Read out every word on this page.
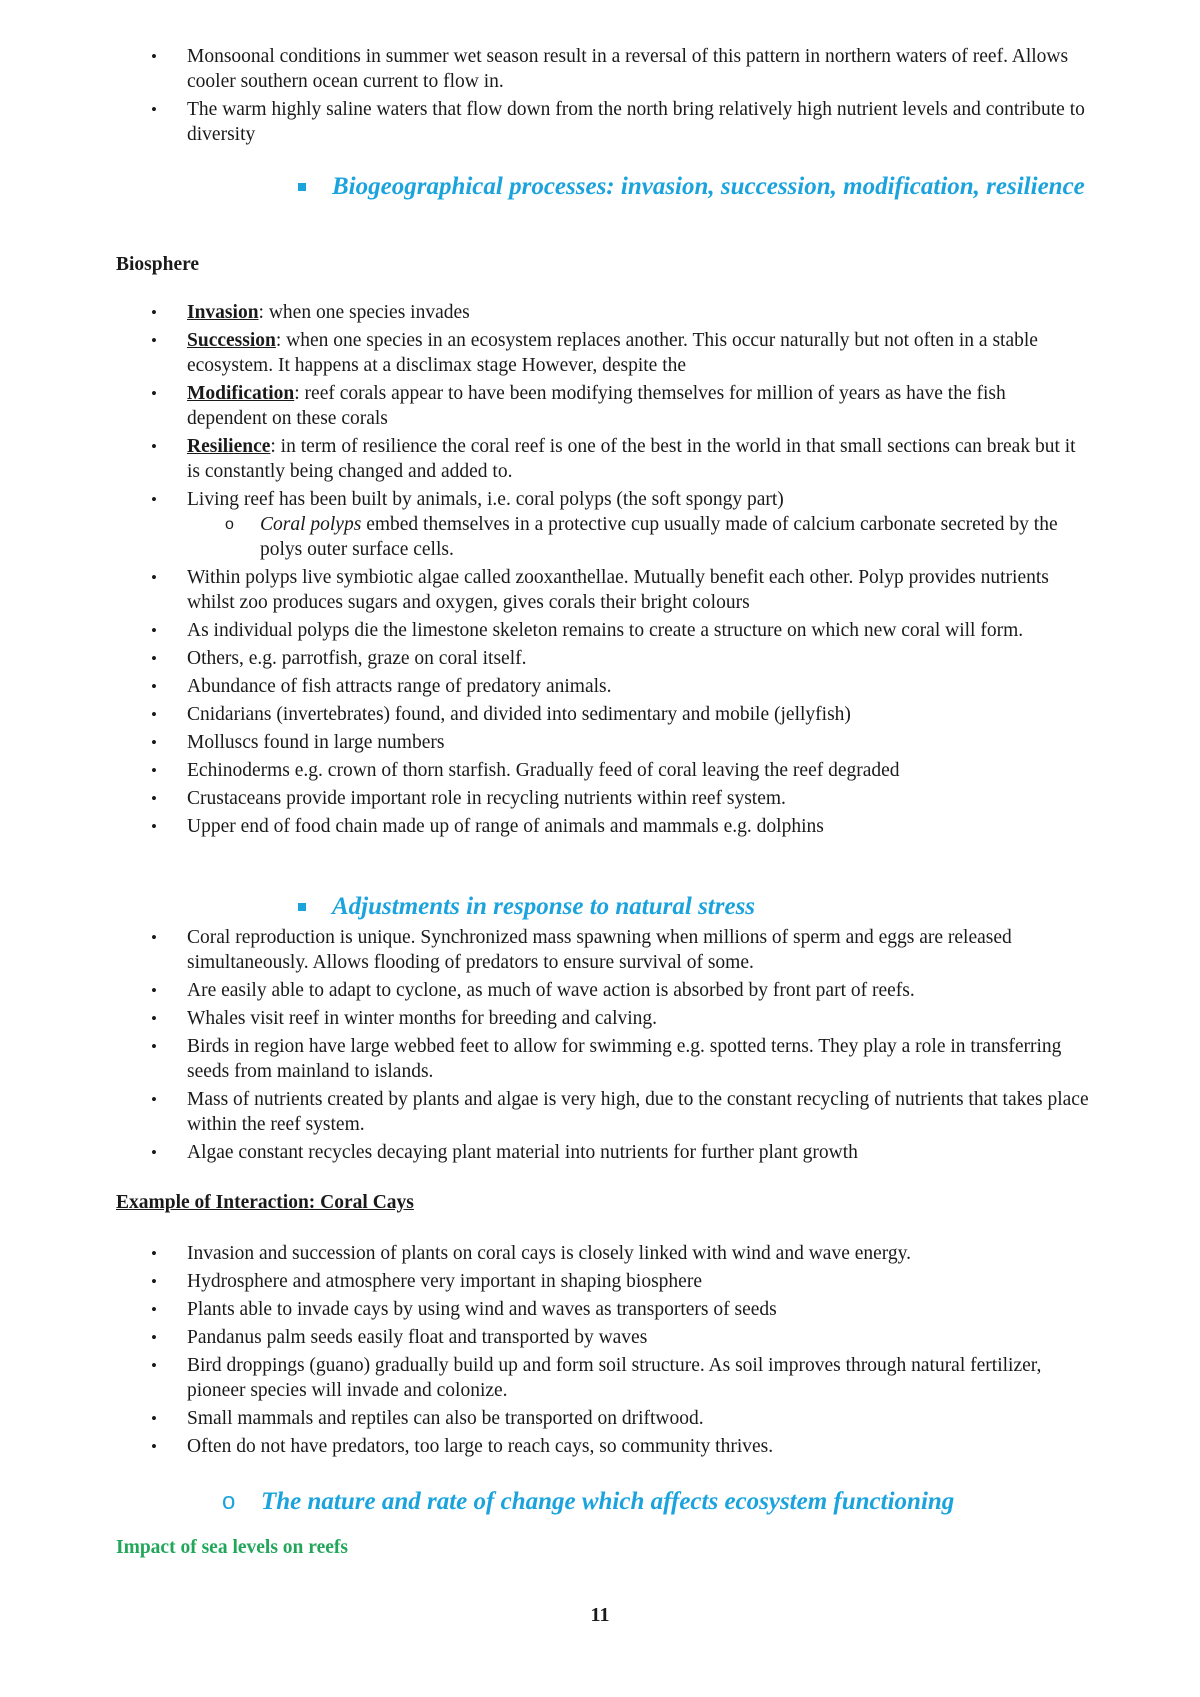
• Monsoonal conditions in summer wet season result in a reversal of this pattern in northern waters of reef. Allows cooler southern ocean current to flow in.
• The warm highly saline waters that flow down from the north bring relatively high nutrient levels and contribute to diversity
Biogeographical processes: invasion, succession, modification, resilience
Biosphere
• Invasion: when one species invades
• Succession: when one species in an ecosystem replaces another. This occur naturally but not often in a stable ecosystem. It happens at a disclimax stage However, despite the
• Modification: reef corals appear to have been modifying themselves for million of years as have the fish dependent on these corals
• Resilience: in term of resilience the coral reef is one of the best in the world in that small sections can break but it is constantly being changed and added to.
• Living reef has been built by animals, i.e. coral polyps (the soft spongy part)
o Coral polyps embed themselves in a protective cup usually made of calcium carbonate secreted by the polys outer surface cells.
• Within polyps live symbiotic algae called zooxanthellae. Mutually benefit each other. Polyp provides nutrients whilst zoo produces sugars and oxygen, gives corals their bright colours
• As individual polyps die the limestone skeleton remains to create a structure on which new coral will form.
• Others, e.g. parrotfish, graze on coral itself.
• Abundance of fish attracts range of predatory animals.
• Cnidarians (invertebrates) found, and divided into sedimentary and mobile (jellyfish)
• Molluscs found in large numbers
• Echinoderms e.g. crown of thorn starfish. Gradually feed of coral leaving the reef degraded
• Crustaceans provide important role in recycling nutrients within reef system.
• Upper end of food chain made up of range of animals and mammals e.g. dolphins
Adjustments in response to natural stress
• Coral reproduction is unique. Synchronized mass spawning when millions of sperm and eggs are released simultaneously. Allows flooding of predators to ensure survival of some.
• Are easily able to adapt to cyclone, as much of wave action is absorbed by front part of reefs.
• Whales visit reef in winter months for breeding and calving.
• Birds in region have large webbed feet to allow for swimming e.g. spotted terns. They play a role in transferring seeds from mainland to islands.
• Mass of nutrients created by plants and algae is very high, due to the constant recycling of nutrients that takes place within the reef system.
• Algae constant recycles decaying plant material into nutrients for further plant growth
Example of Interaction: Coral Cays
• Invasion and succession of plants on coral cays is closely linked with wind and wave energy.
• Hydrosphere and atmosphere very important in shaping biosphere
• Plants able to invade cays by using wind and waves as transporters of seeds
• Pandanus palm seeds easily float and transported by waves
• Bird droppings (guano) gradually build up and form soil structure. As soil improves through natural fertilizer, pioneer species will invade and colonize.
• Small mammals and reptiles can also be transported on driftwood.
• Often do not have predators, too large to reach cays, so community thrives.
o The nature and rate of change which affects ecosystem functioning
Impact of sea levels on reefs
11
